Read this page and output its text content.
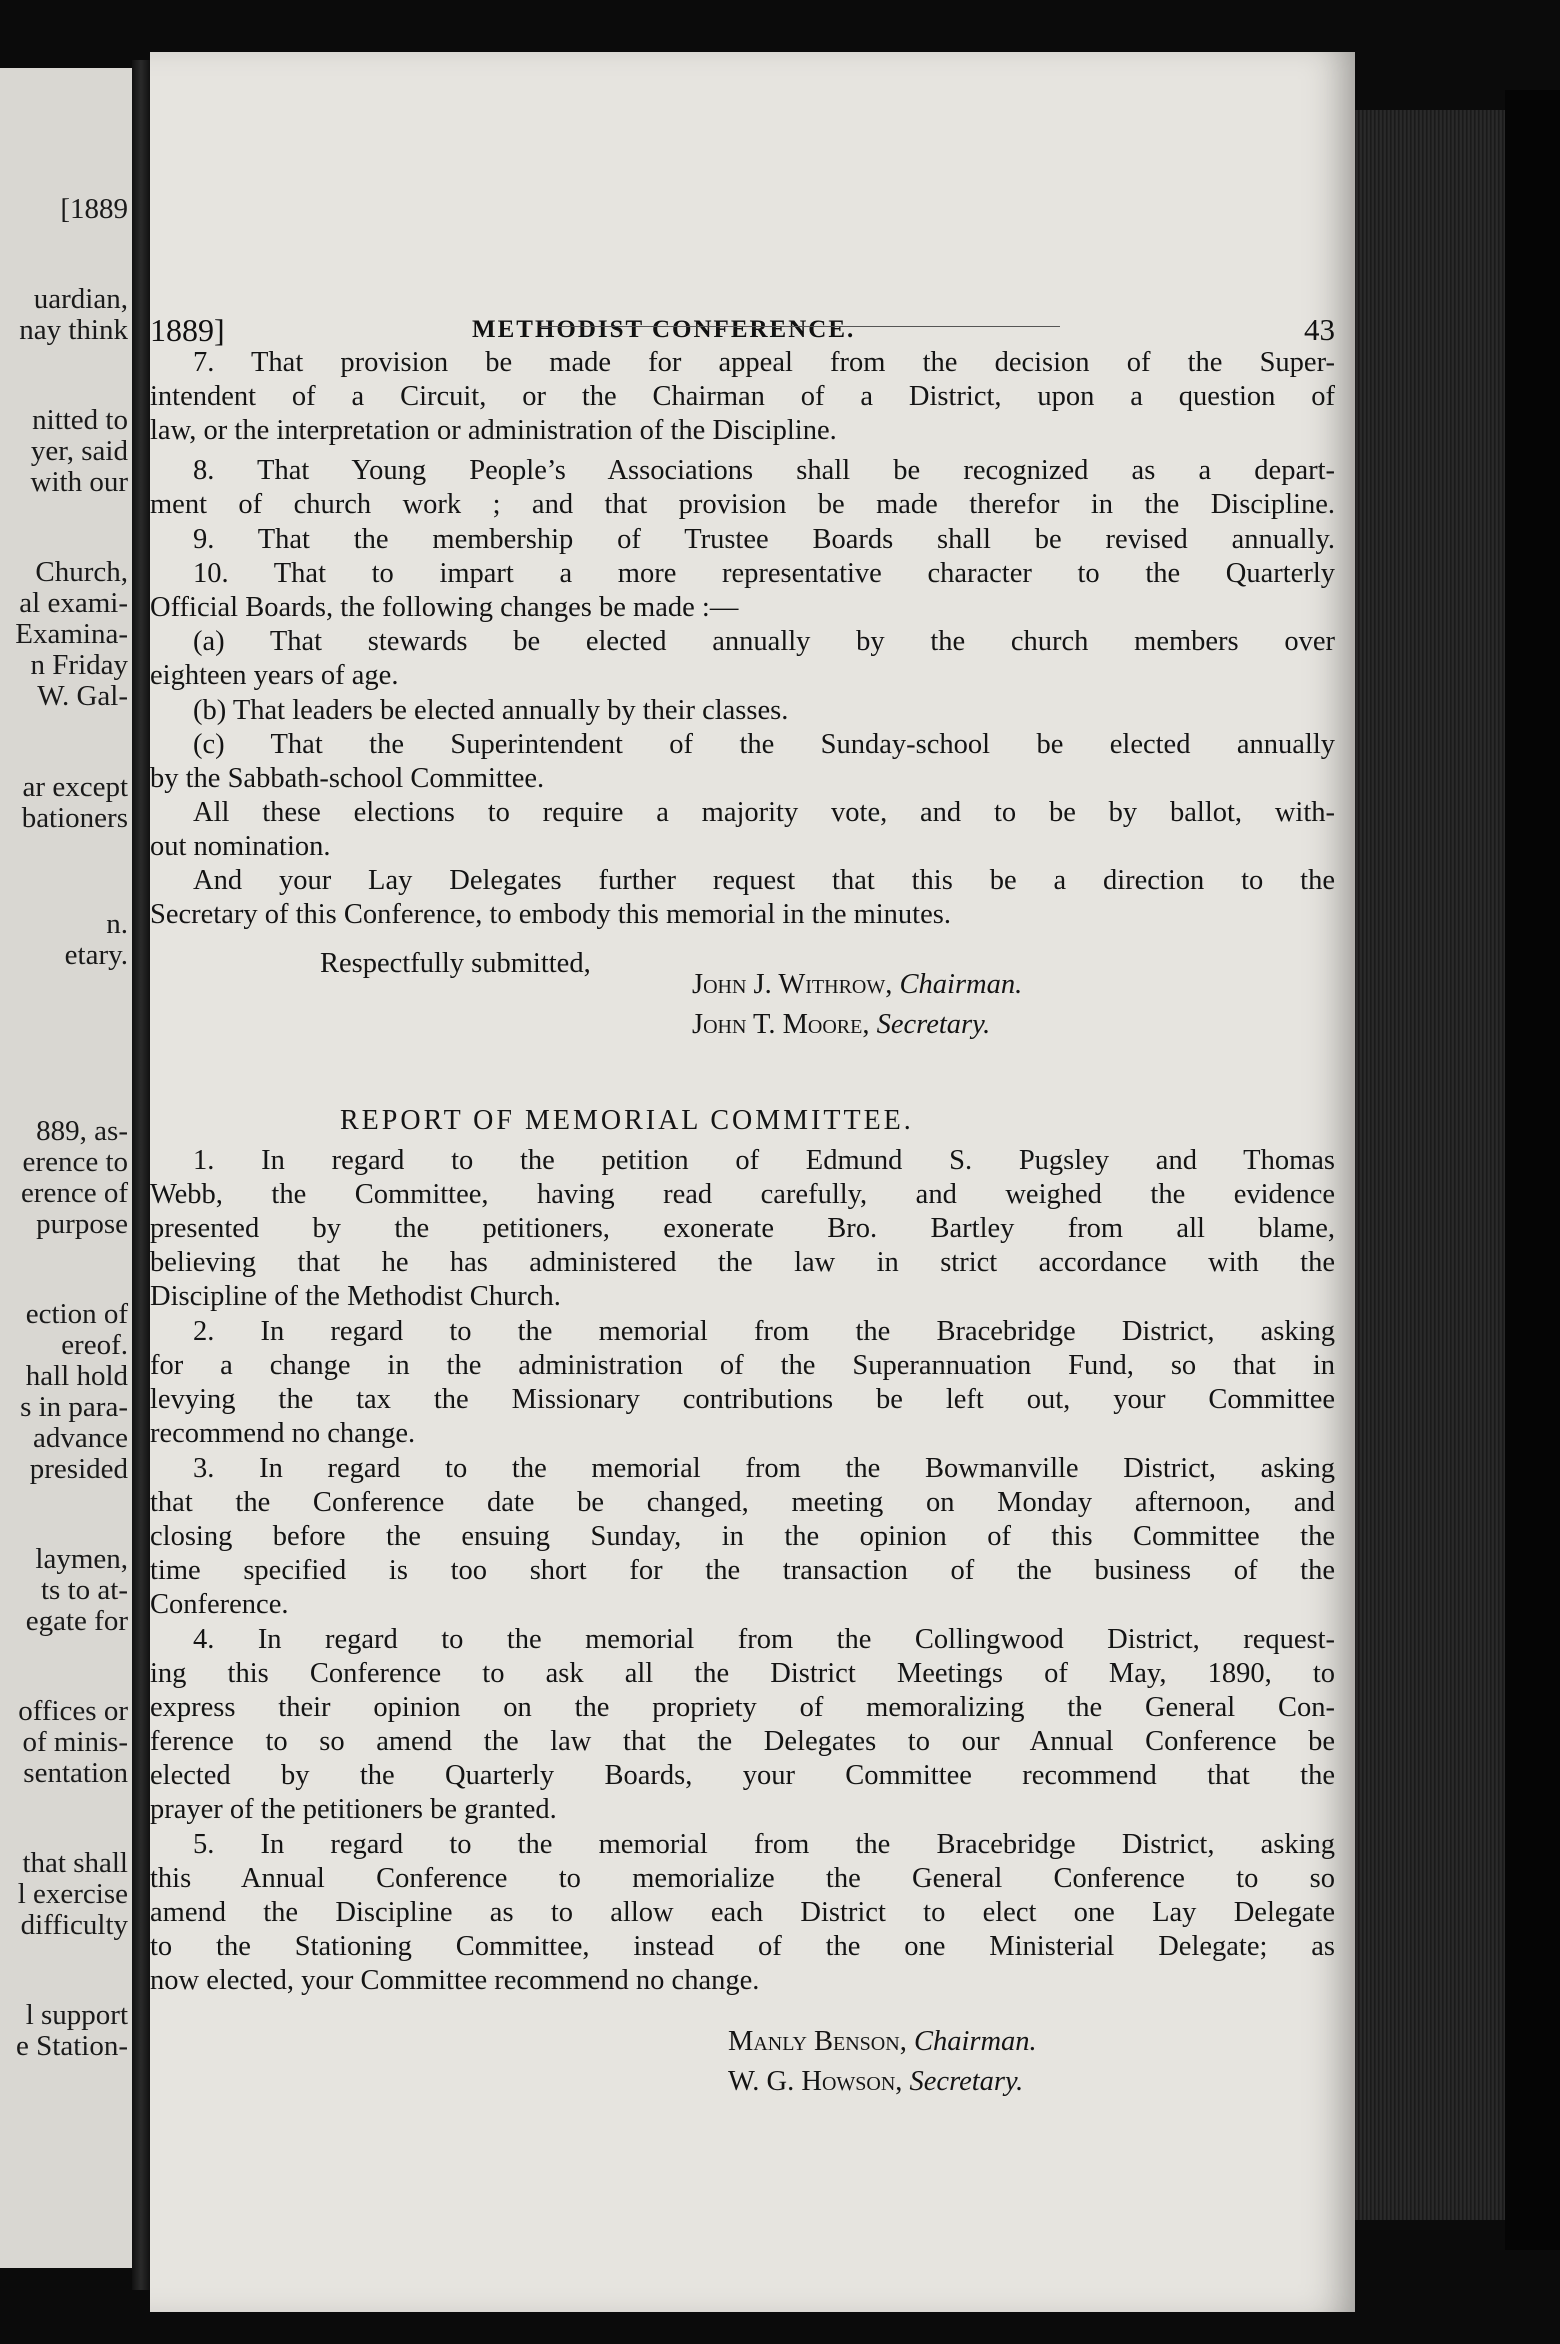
[1889
uardian,
nay think
nitted to
yer, said
with our
Church,
al exami-
Examina-
n Friday
W. Gal-
ar except
bationers
n.
etary.
889, as-
erence to
erence of
purpose
ection of
ereof.
hall hold
s in para-
advance
presided
laymen,
ts to at-
egate for
offices or
of minis-
sentation
that shall
l exercise
difficulty
l support
e Station-
1889]	METHODIST CONFERENCE.	43
REPORT OF MEMORIAL COMMITTEE.
Respectfully submitted,
7. That provision be made for appeal from the decision of the Super-
intendent of a Circuit, or the Chairman of a District, upon a question of
law, or the interpretation or administration of the Discipline.
8. That Young People’s Associations shall be recognized as a depart-
ment of church work ; and that provision be made therefor in the Discipline.
9. That the membership of Trustee Boards shall be revised annually.
10. That to impart a more representative character to the Quarterly
Official Boards, the following changes be made :—
(a) That stewards be elected annually by the church members over
eighteen years of age.
(b) That leaders be elected annually by their classes.
(c) That the Superintendent of the Sunday-school be elected annually
by the Sabbath-school Committee.
All these elections to require a majority vote, and to be by ballot, with-
out nomination.
And your Lay Delegates further request that this be a direction to the
Secretary of this Conference, to embody this memorial in the minutes.
1. In regard to the petition of Edmund S. Pugsley and Thomas
Webb, the Committee, having read carefully, and weighed the evidence
presented by the petitioners, exonerate Bro. Bartley from all blame,
believing that he has administered the law in strict accordance with the
Discipline of the Methodist Church.
2. In regard to the memorial from the Bracebridge District, asking
for a change in the administration of the Superannuation Fund, so that in
levying the tax the Missionary contributions be left out, your Committee
recommend no change.
3. In regard to the memorial from the Bowmanville District, asking
that the Conference date be changed, meeting on Monday afternoon, and
closing before the ensuing Sunday, in the opinion of this Committee the
time specified is too short for the transaction of the business of the
Conference.
4. In regard to the memorial from the Collingwood District, request-
ing this Conference to ask all the District Meetings of May, 1890, to
express their opinion on the propriety of memoralizing the General Con-
ference to so amend the law that the Delegates to our Annual Conference be
elected by the Quarterly Boards, your Committee recommend that the
prayer of the petitioners be granted.
5. In regard to the memorial from the Bracebridge District, asking
this Annual Conference to memorialize the General Conference to so
amend the Discipline as to allow each District to elect one Lay Delegate
to the Stationing Committee, instead of the one Ministerial Delegate; as
now elected, your Committee recommend no change.
John J. Withrow, Chairman.
John T. Moore, Secretary.
Manly Benson, Chairman.
W. G. Howson, Secretary.
